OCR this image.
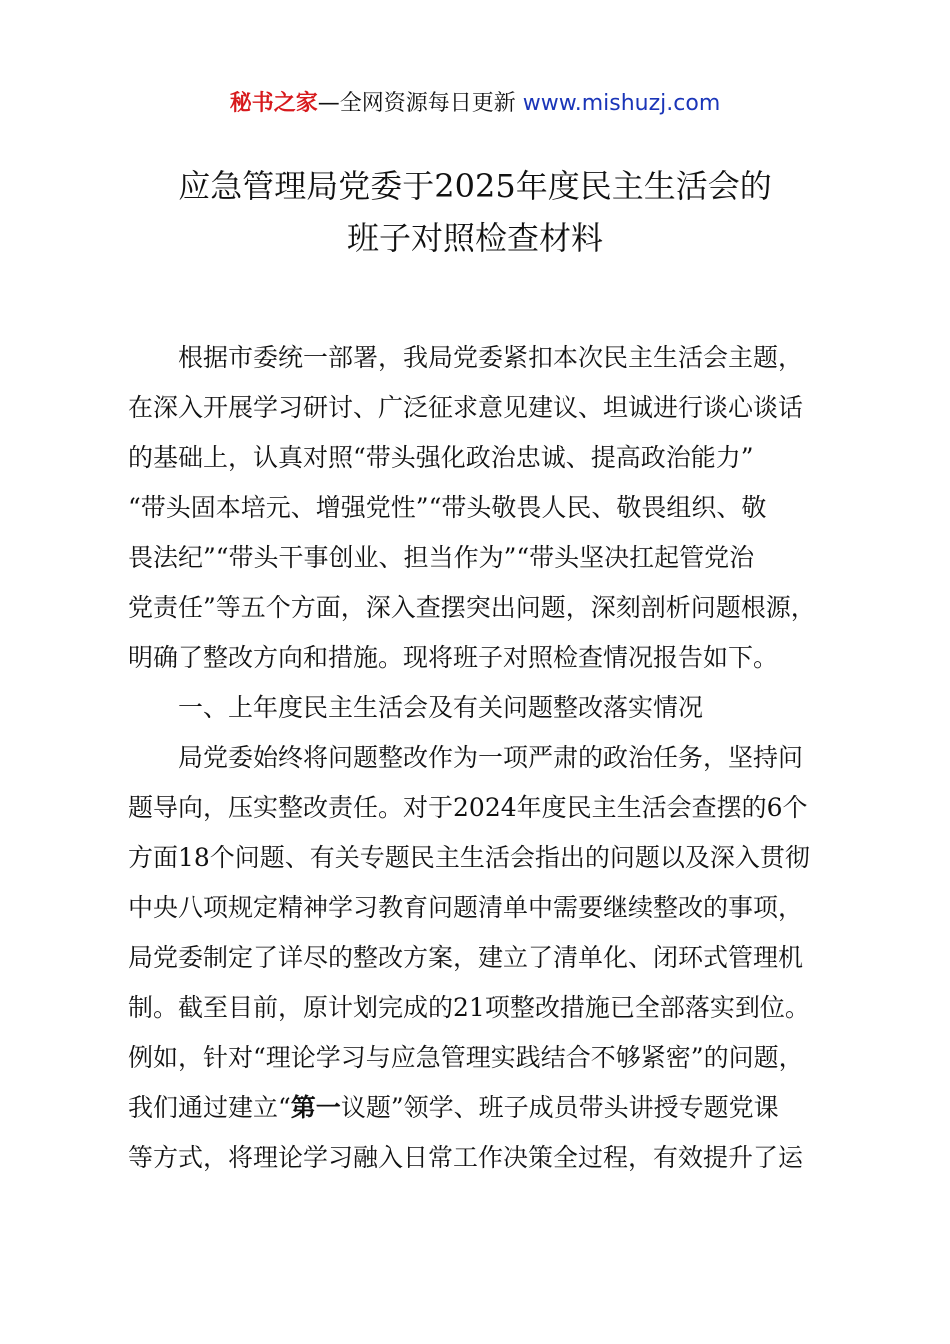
秘书之家—全网资源每日更新 www.mishuzj.com
应急管理局党委于2025年度民主生活会的
班子对照检查材料
根据市委统一部署，我局党委紧扣本次民主生活会主题，
在深入开展学习研讨、广泛征求意见建议、坦诚进行谈心谈话
的基础上，认真对照“带头强化政治忠诚、提高政治能力”
“带头固本培元、增强党性”“带头敬畏人民、敬畏组织、敬
畏法纪”“带头干事创业、担当作为”“带头坚决扛起管党治
党责任”等五个方面，深入查摆突出问题，深刻剖析问题根源，
明确了整改方向和措施。现将班子对照检查情况报告如下。
一、上年度民主生活会及有关问题整改落实情况
局党委始终将问题整改作为一项严肃的政治任务，坚持问
题导向，压实整改责任。对于2024年度民主生活会查摆的6个
方面18个问题、有关专题民主生活会指出的问题以及深入贯彻
中央八项规定精神学习教育问题清单中需要继续整改的事项，
局党委制定了详尽的整改方案，建立了清单化、闭环式管理机
制。截至目前，原计划完成的21项整改措施已全部落实到位。
例如，针对“理论学习与应急管理实践结合不够紧密”的问题，
我们通过建立“第一议题”领学、班子成员带头讲授专题党课
等方式，将理论学习融入日常工作决策全过程，有效提升了运
